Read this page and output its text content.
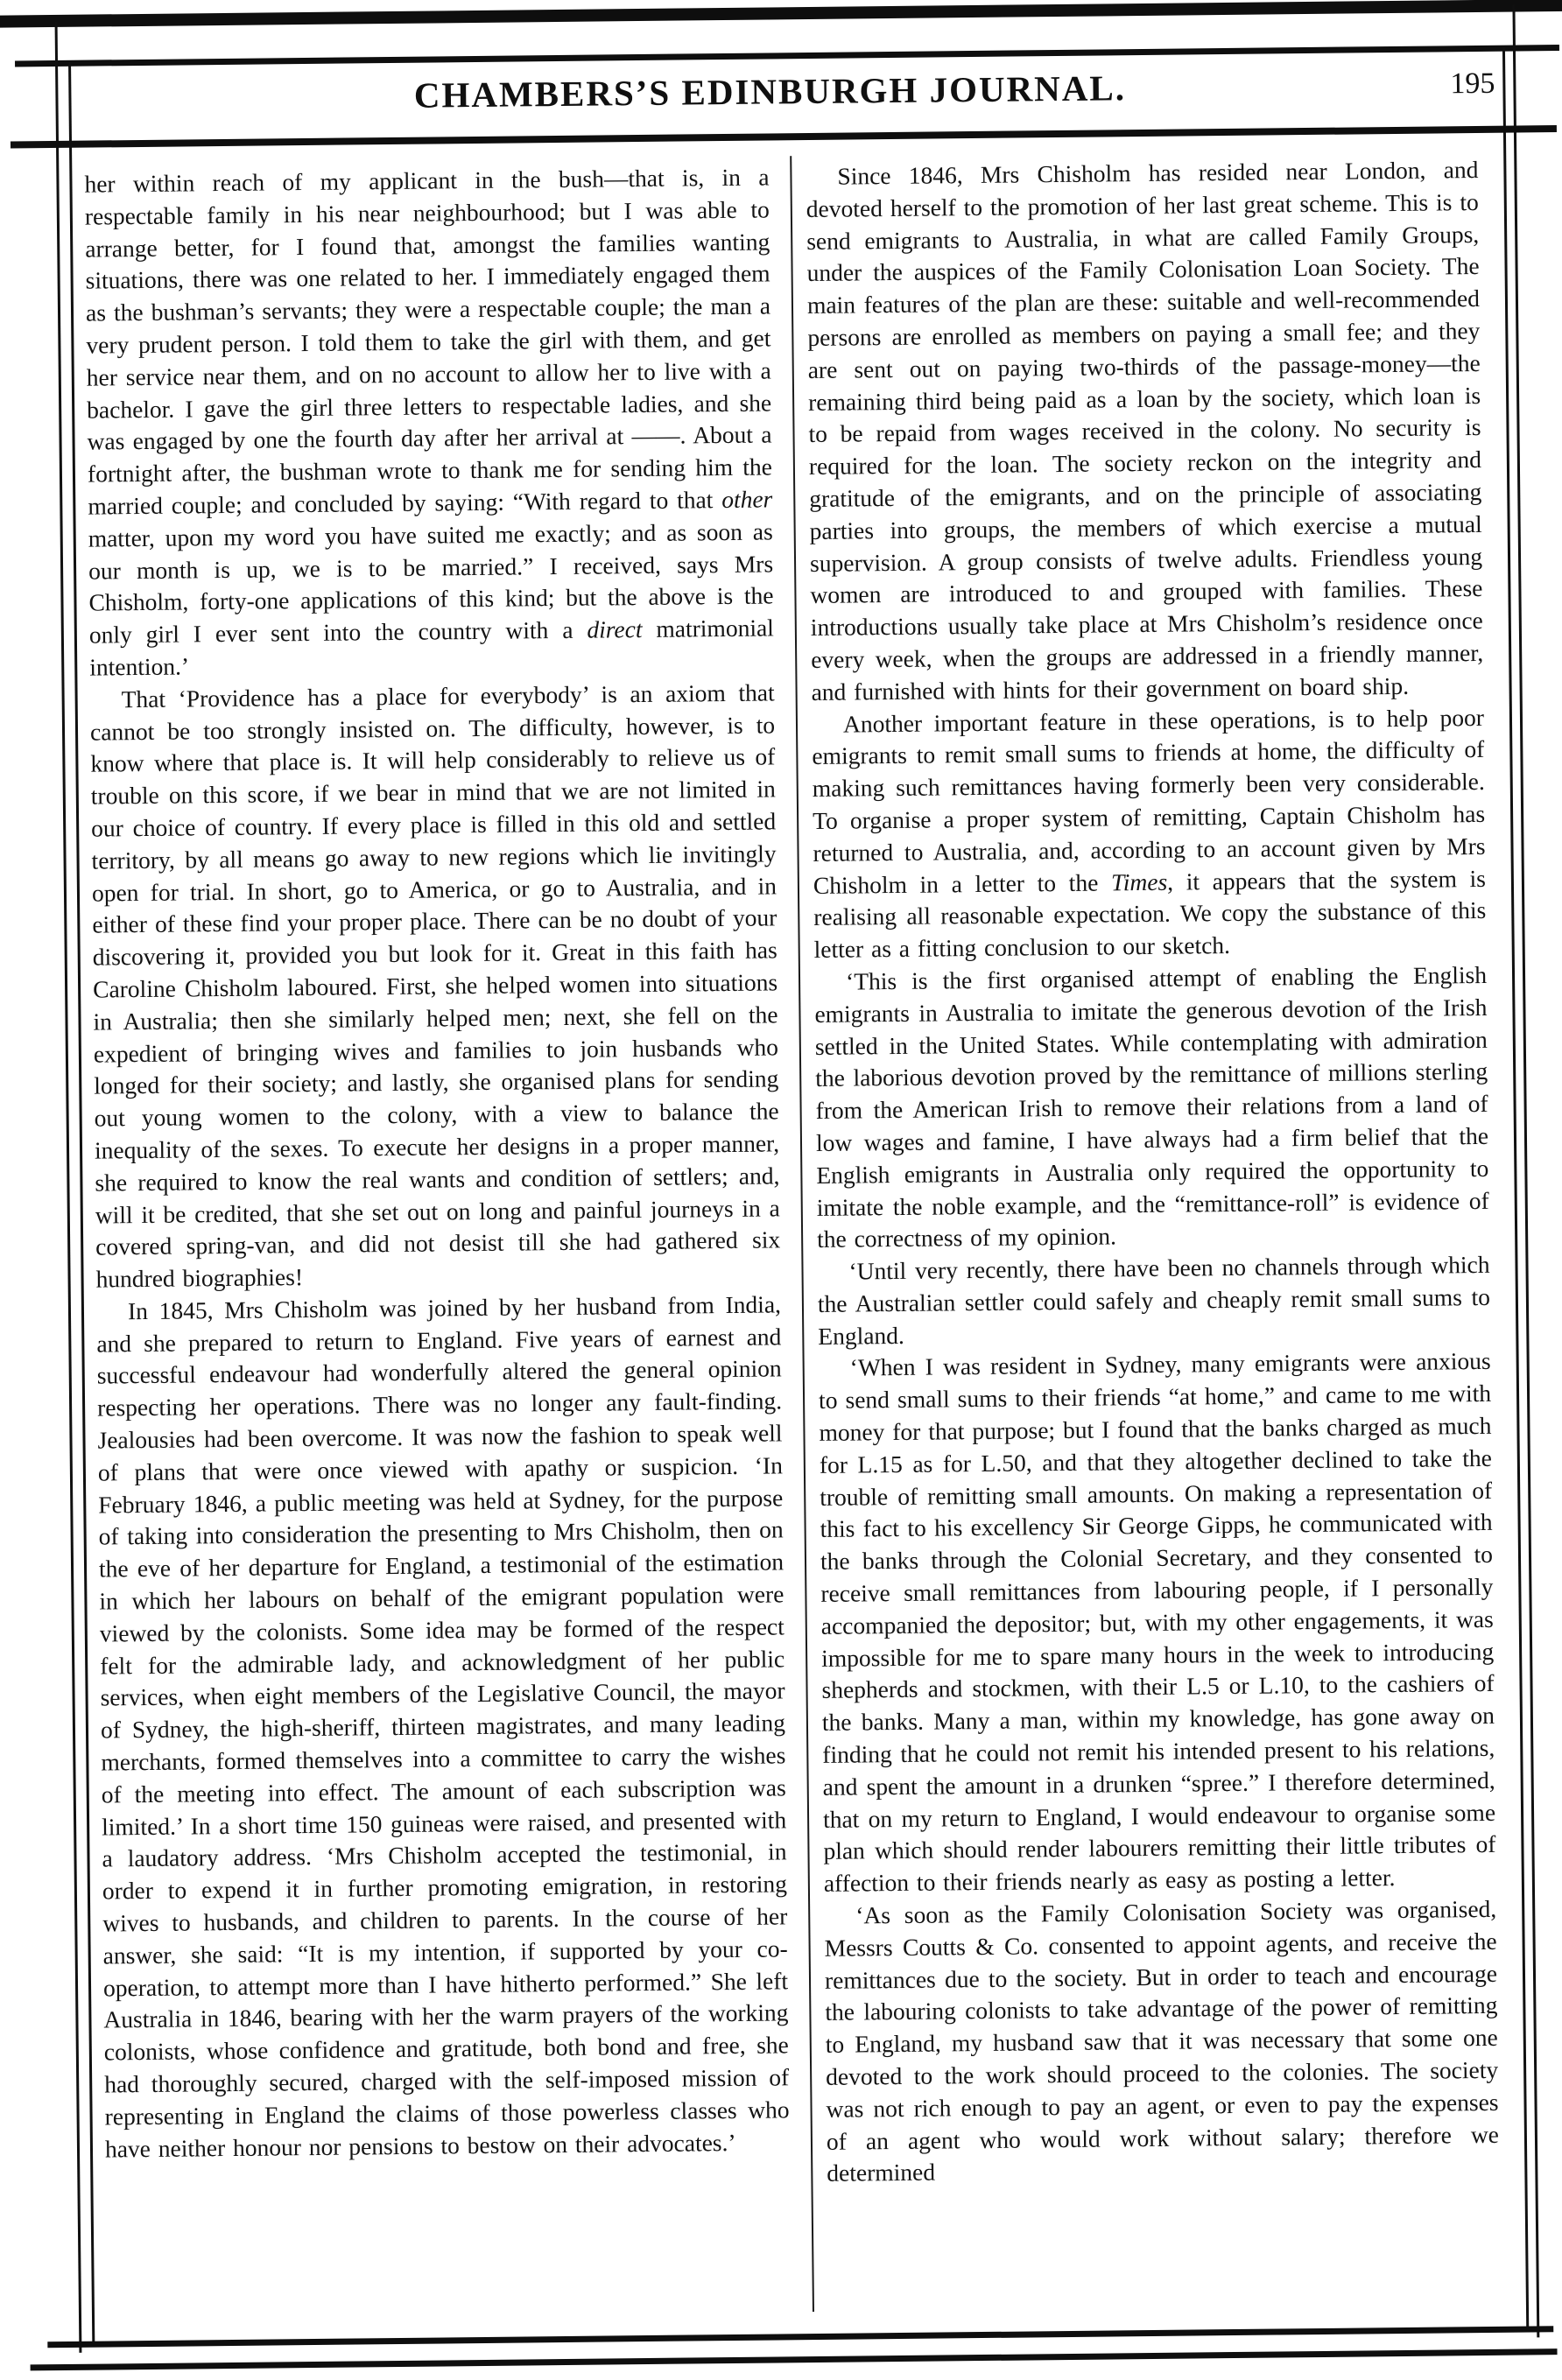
CHAMBERS’S EDINBURGH JOURNAL.	195

her within reach of my applicant in the bush—that is, in a respectable family in his near neighbourhood; but I was able to arrange better, for I found that, amongst the families wanting situations, there was one related to her. I immediately engaged them as the bushman’s servants; they were a respectable couple; the man a very prudent person. I told them to take the girl with them, and get her service near them, and on no account to allow her to live with a bachelor. I gave the girl three letters to respectable ladies, and she was engaged by one the fourth day after her arrival at ——. About a fortnight after, the bushman wrote to thank me for sending him the married couple; and concluded by saying: “With regard to that other matter, upon my word you have suited me exactly; and as soon as our month is up, we is to be married.” I received, says Mrs Chisholm, forty-one applications of this kind; but the above is the only girl I ever sent into the country with a direct matrimonial intention.’

That ‘Providence has a place for everybody’ is an axiom that cannot be too strongly insisted on. The difficulty, however, is to know where that place is. It will help considerably to relieve us of trouble on this score, if we bear in mind that we are not limited in our choice of country. If every place is filled in this old and settled territory, by all means go away to new regions which lie invitingly open for trial. In short, go to America, or go to Australia, and in either of these find your proper place. There can be no doubt of your discovering it, provided you but look for it. Great in this faith has Caroline Chisholm laboured. First, she helped women into situations in Australia; then she similarly helped men; next, she fell on the expedient of bringing wives and families to join husbands who longed for their society; and lastly, she organised plans for sending out young women to the colony, with a view to balance the inequality of the sexes. To execute her designs in a proper manner, she required to know the real wants and condition of settlers; and, will it be credited, that she set out on long and painful journeys in a covered spring-van, and did not desist till she had gathered six hundred biographies!

In 1845, Mrs Chisholm was joined by her husband from India, and she prepared to return to England. Five years of earnest and successful endeavour had wonderfully altered the general opinion respecting her operations. There was no longer any fault-finding. Jealousies had been overcome. It was now the fashion to speak well of plans that were once viewed with apathy or suspicion. ‘In February 1846, a public meeting was held at Sydney, for the purpose of taking into consideration the presenting to Mrs Chisholm, then on the eve of her departure for England, a testimonial of the estimation in which her labours on behalf of the emigrant population were viewed by the colonists. Some idea may be formed of the respect felt for the admirable lady, and acknowledgment of her public services, when eight members of the Legislative Council, the mayor of Sydney, the high-sheriff, thirteen magistrates, and many leading merchants, formed themselves into a committee to carry the wishes of the meeting into effect. The amount of each subscription was limited.’ In a short time 150 guineas were raised, and presented with a laudatory address. ‘Mrs Chisholm accepted the testimonial, in order to expend it in further promoting emigration, in restoring wives to husbands, and children to parents. In the course of her answer, she said: “It is my intention, if supported by your co-operation, to attempt more than I have hitherto performed.” She left Australia in 1846, bearing with her the warm prayers of the working colonists, whose confidence and gratitude, both bond and free, she had thoroughly secured, charged with the self-imposed mission of representing in England the claims of those powerless classes who have neither honour nor pensions to bestow on their advocates.’

Since 1846, Mrs Chisholm has resided near London, and devoted herself to the promotion of her last great scheme. This is to send emigrants to Australia, in what are called Family Groups, under the auspices of the Family Colonisation Loan Society. The main features of the plan are these: suitable and well-recommended persons are enrolled as members on paying a small fee; and they are sent out on paying two-thirds of the passage-money—the remaining third being paid as a loan by the society, which loan is to be repaid from wages received in the colony. No security is required for the loan. The society reckon on the integrity and gratitude of the emigrants, and on the principle of associating parties into groups, the members of which exercise a mutual supervision. A group consists of twelve adults. Friendless young women are introduced to and grouped with families. These introductions usually take place at Mrs Chisholm’s residence once every week, when the groups are addressed in a friendly manner, and furnished with hints for their government on board ship.

Another important feature in these operations, is to help poor emigrants to remit small sums to friends at home, the difficulty of making such remittances having formerly been very considerable. To organise a proper system of remitting, Captain Chisholm has returned to Australia, and, according to an account given by Mrs Chisholm in a letter to the Times, it appears that the system is realising all reasonable expectation. We copy the substance of this letter as a fitting conclusion to our sketch.

‘This is the first organised attempt of enabling the English emigrants in Australia to imitate the generous devotion of the Irish settled in the United States. While contemplating with admiration the laborious devotion proved by the remittance of millions sterling from the American Irish to remove their relations from a land of low wages and famine, I have always had a firm belief that the English emigrants in Australia only required the opportunity to imitate the noble example, and the “remittance-roll” is evidence of the correctness of my opinion.

‘Until very recently, there have been no channels through which the Australian settler could safely and cheaply remit small sums to England.

‘When I was resident in Sydney, many emigrants were anxious to send small sums to their friends “at home,” and came to me with money for that purpose; but I found that the banks charged as much for L.15 as for L.50, and that they altogether declined to take the trouble of remitting small amounts. On making a representation of this fact to his excellency Sir George Gipps, he communicated with the banks through the Colonial Secretary, and they consented to receive small remittances from labouring people, if I personally accompanied the depositor; but, with my other engagements, it was impossible for me to spare many hours in the week to introducing shepherds and stockmen, with their L.5 or L.10, to the cashiers of the banks. Many a man, within my knowledge, has gone away on finding that he could not remit his intended present to his relations, and spent the amount in a drunken “spree.” I therefore determined, that on my return to England, I would endeavour to organise some plan which should render labourers remitting their little tributes of affection to their friends nearly as easy as posting a letter.

‘As soon as the Family Colonisation Society was organised, Messrs Coutts & Co. consented to appoint agents, and receive the remittances due to the society. But in order to teach and encourage the labouring colonists to take advantage of the power of remitting to England, my husband saw that it was necessary that some one devoted to the work should proceed to the colonies. The society was not rich enough to pay an agent, or even to pay the expenses of an agent who would work without salary; therefore we determined
